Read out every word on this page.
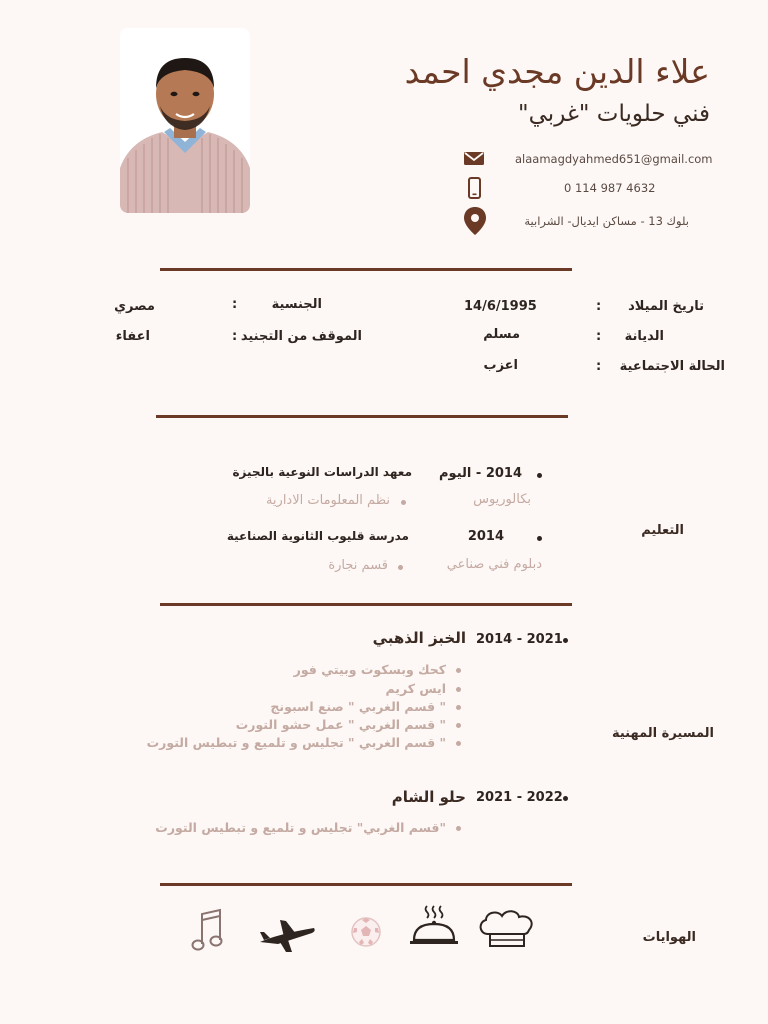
علاء الدين مجدي احمد
فني حلويات "غربي"
alaamagdyahmed651@gmail.com
0 114 987 4632
بلوك 13 - مساكن ايديال- الشرابية
تاريخ الميلاد
:
14/6/1995
الديانة
:
مسلم
الحالة الاجتماعية
:
اعزب
الجنسية
:
مصري
الموقف من التجنيد
:
اعفاء
التعليم
2014 - اليوم
معهد الدراسات النوعية بالجيزة
بكالوريوس
نظم المعلومات الادارية
2014
مدرسة قليوب الثانوية الصناعية
دبلوم فني صناعي
قسم نجارة
المسيرة المهنية
2014 - 2021
الخبز الذهبي
كحك وبسكوت وبيتي فور
ايس كريم
" قسم الغربي " صنع اسبونج
" قسم الغربي " عمل حشو التورت
" قسم الغربي " تجليس و تلميع و تبطيس التورت
2021 - 2022
حلو الشام
"قسم الغربي" تجليس و تلميع و تبطيس التورت
الهوايات
